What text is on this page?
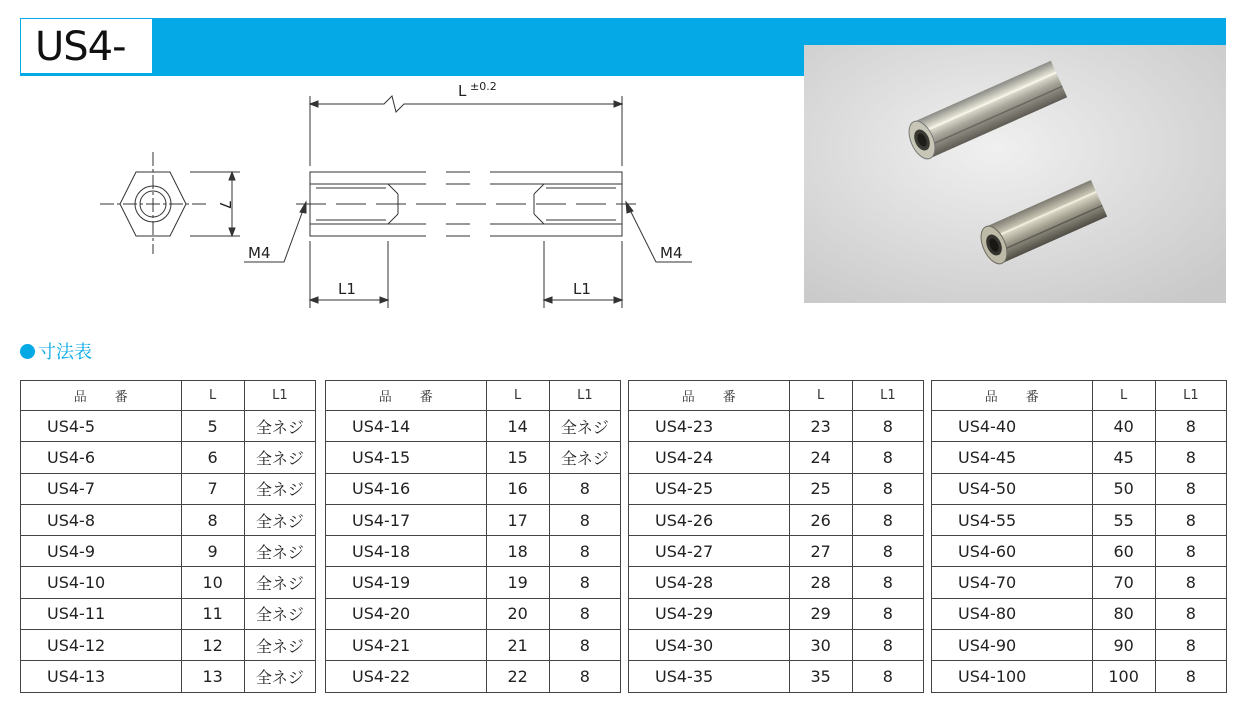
US4-
L ±0.2
7
M4	M4
L1	L1
寸法表
品番	L	L1
US4-5	5	全ネジ
US4-6	6	全ネジ
US4-7	7	全ネジ
US4-8	8	全ネジ
US4-9	9	全ネジ
US4-10	10	全ネジ
US4-11	11	全ネジ
US4-12	12	全ネジ
US4-13	13	全ネジ
品番	L	L1
US4-14	14	全ネジ
US4-15	15	全ネジ
US4-16	16	8
US4-17	17	8
US4-18	18	8
US4-19	19	8
US4-20	20	8
US4-21	21	8
US4-22	22	8
品番	L	L1
US4-23	23	8
US4-24	24	8
US4-25	25	8
US4-26	26	8
US4-27	27	8
US4-28	28	8
US4-29	29	8
US4-30	30	8
US4-35	35	8
品番	L	L1
US4-40	40	8
US4-45	45	8
US4-50	50	8
US4-55	55	8
US4-60	60	8
US4-70	70	8
US4-80	80	8
US4-90	90	8
US4-100	100	8
